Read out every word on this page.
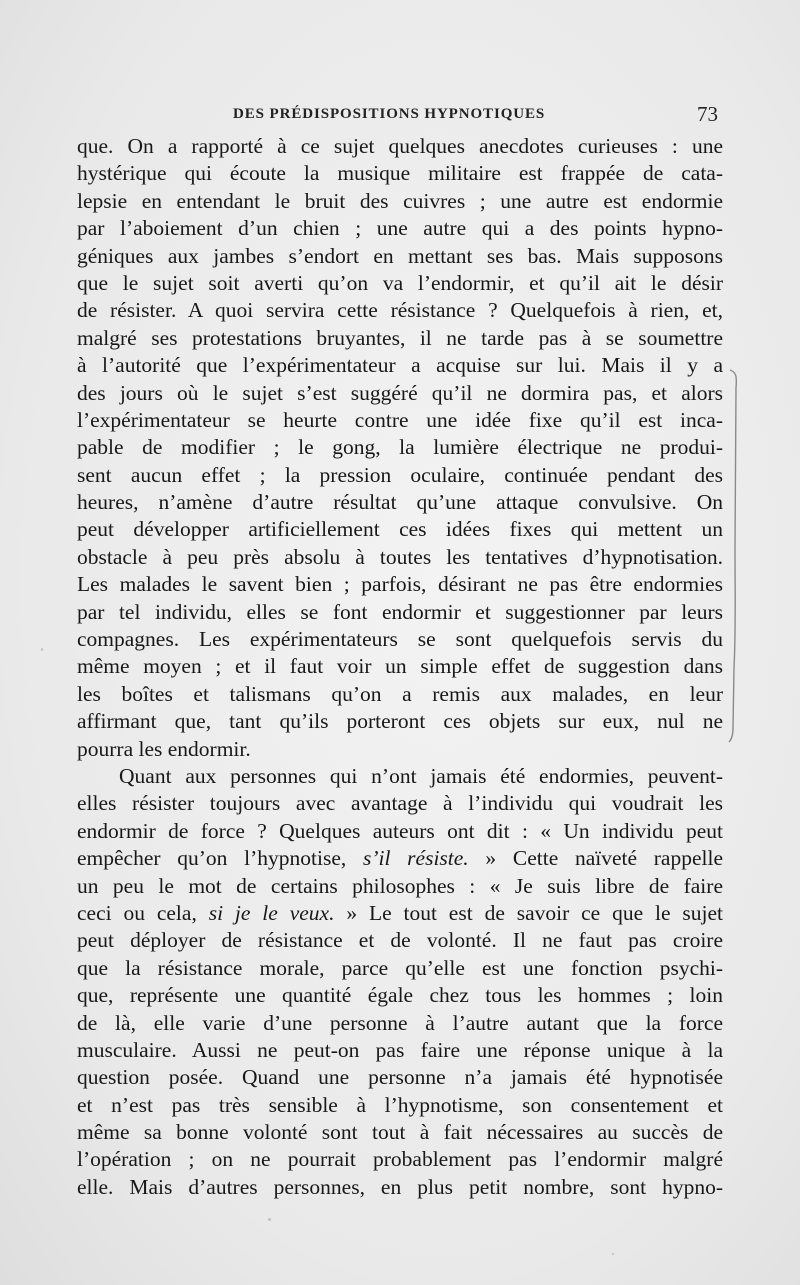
DES PRÉDISPOSITIONS HYPNOTIQUES	73
que. On a rapporté à ce sujet quelques anecdotes curieuses : une
hystérique qui écoute la musique militaire est frappée de cata-
lepsie en entendant le bruit des cuivres ; une autre est endormie
par l’aboiement d’un chien ; une autre qui a des points hypno-
géniques aux jambes s’endort en mettant ses bas. Mais supposons
que le sujet soit averti qu’on va l’endormir, et qu’il ait le désir
de résister. A quoi servira cette résistance ? Quelquefois à rien, et,
malgré ses protestations bruyantes, il ne tarde pas à se soumettre
à l’autorité que l’expérimentateur a acquise sur lui. Mais il y a
des jours où le sujet s’est suggéré qu’il ne dormira pas, et alors
l’expérimentateur se heurte contre une idée fixe qu’il est inca-
pable de modifier ; le gong, la lumière électrique ne produi-
sent aucun effet ; la pression oculaire, continuée pendant des
heures, n’amène d’autre résultat qu’une attaque convulsive. On
peut développer artificiellement ces idées fixes qui mettent un
obstacle à peu près absolu à toutes les tentatives d’hypnotisation.
Les malades le savent bien ; parfois, désirant ne pas être endormies
par tel individu, elles se font endormir et suggestionner par leurs
compagnes. Les expérimentateurs se sont quelquefois servis du
même moyen ; et il faut voir un simple effet de suggestion dans
les boîtes et talismans qu’on a remis aux malades, en leur
affirmant que, tant qu’ils porteront ces objets sur eux, nul ne
pourra les endormir.
Quant aux personnes qui n’ont jamais été endormies, peuvent-
elles résister toujours avec avantage à l’individu qui voudrait les
endormir de force ? Quelques auteurs ont dit : « Un individu peut
empêcher qu’on l’hypnotise, s’il résiste. » Cette naïveté rappelle
un peu le mot de certains philosophes : « Je suis libre de faire
ceci ou cela, si je le veux. » Le tout est de savoir ce que le sujet
peut déployer de résistance et de volonté. Il ne faut pas croire
que la résistance morale, parce qu’elle est une fonction psychi-
que, représente une quantité égale chez tous les hommes ; loin
de là, elle varie d’une personne à l’autre autant que la force
musculaire. Aussi ne peut-on pas faire une réponse unique à la
question posée. Quand une personne n’a jamais été hypnotisée
et n’est pas très sensible à l’hypnotisme, son consentement et
même sa bonne volonté sont tout à fait nécessaires au succès de
l’opération ; on ne pourrait probablement pas l’endormir malgré
elle. Mais d’autres personnes, en plus petit nombre, sont hypno-
